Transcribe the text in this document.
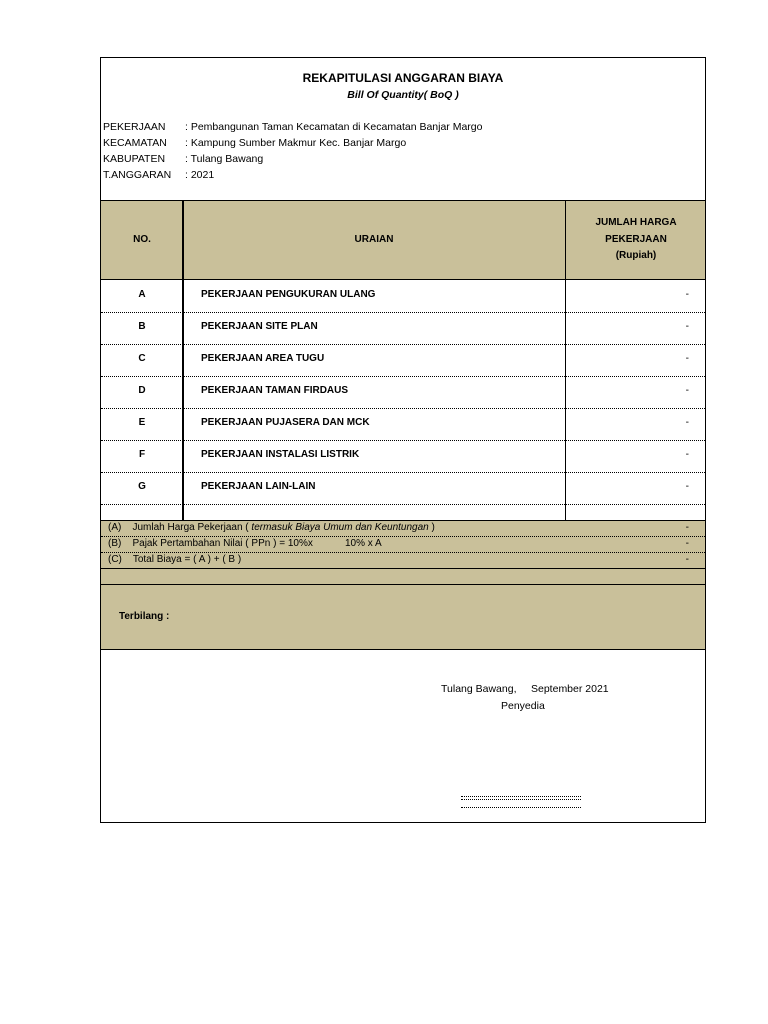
REKAPITULASI ANGGARAN BIAYA
Bill Of Quantity( BoQ )
PEKERJAAN : Pembangunan Taman Kecamatan di Kecamatan Banjar Margo
KECAMATAN : Kampung Sumber Makmur Kec. Banjar Margo
KABUPATEN : Tulang Bawang
T.ANGGARAN : 2021
NO.	URAIAN
JUMLAH HARGA
PEKERJAAN
(Rupiah)
A	PEKERJAAN PENGUKURAN ULANG	-
B	PEKERJAAN SITE PLAN	-
C	PEKERJAAN AREA TUGU	-
D	PEKERJAAN TAMAN FIRDAUS	-
E	PEKERJAAN PUJASERA DAN MCK	-
F	PEKERJAAN INSTALASI LISTRIK	-
G	PEKERJAAN LAIN-LAIN	-
(A) Jumlah Harga Pekerjaan ( termasuk Biaya Umum dan Keuntungan )	-
(B) Pajak Pertambahan Nilai ( PPn ) = 10%x	10% x A	-
(C) Total Biaya = ( A ) + ( B )	-
Terbilang :
Tulang Bawang, September 2021
Penyedia
